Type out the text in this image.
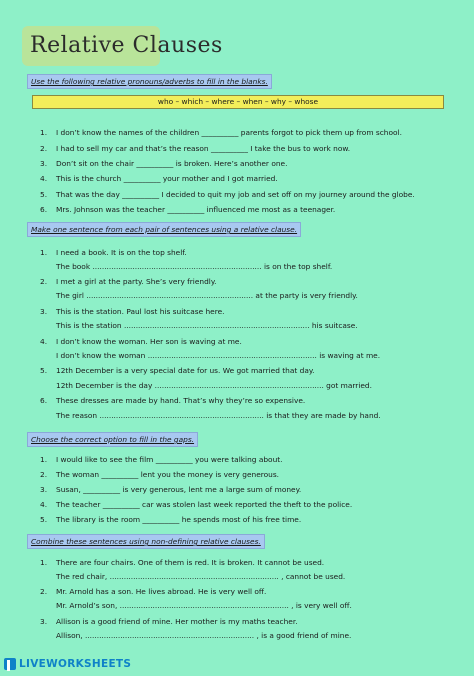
Relative Clauses
Use the following relative pronouns/adverbs to fill in the blanks.
who – which – where – when – why – whose
1. I don’t know the names of the children __________ parents forgot to pick them up from school.
2. I had to sell my car and that’s the reason __________ I take the bus to work now.
3. Don’t sit on the chair __________ is broken. Here’s another one.
4. This is the church __________ your mother and I got married.
5. That was the day __________ I decided to quit my job and set off on my journey around the globe.
6. Mrs. Johnson was the teacher __________ influenced me most as a teenager.
Make one sentence from each pair of sentences using a relative clause.
1. I need a book. It is on the top shelf.
The book ........................................................................ is on the top shelf.
2. I met a girl at the party. She’s very friendly.
The girl ....................................................................... at the party is very friendly.
3. This is the station. Paul lost his suitcase here.
This is the station ............................................................................... his suitcase.
4. I don’t know the woman. Her son is waving at me.
I don’t know the woman ........................................................................ is waving at me.
5. 12th December is a very special date for us. We got married that day.
12th December is the day ........................................................................ got married.
6. These dresses are made by hand. That’s why they’re so expensive.
The reason ...................................................................... is that they are made by hand.
Choose the correct option to fill in the gaps.
1. I would like to see the film __________ you were talking about.
2. The woman __________ lent you the money is very generous.
3. Susan, __________ is very generous, lent me a large sum of money.
4. The teacher __________ car was stolen last week reported the theft to the police.
5. The library is the room __________ he spends most of his free time.
Combine these sentences using non-defining relative clauses.
1. There are four chairs. One of them is red. It is broken. It cannot be used.
The red chair, ........................................................................ , cannot be used.
2. Mr. Arnold has a son. He lives abroad. He is very well off.
Mr. Arnold’s son, ........................................................................ , is very well off.
3. Allison is a good friend of mine. Her mother is my maths teacher.
Allison, ........................................................................ , is a good friend of mine.
LIVEWORKSHEETS
